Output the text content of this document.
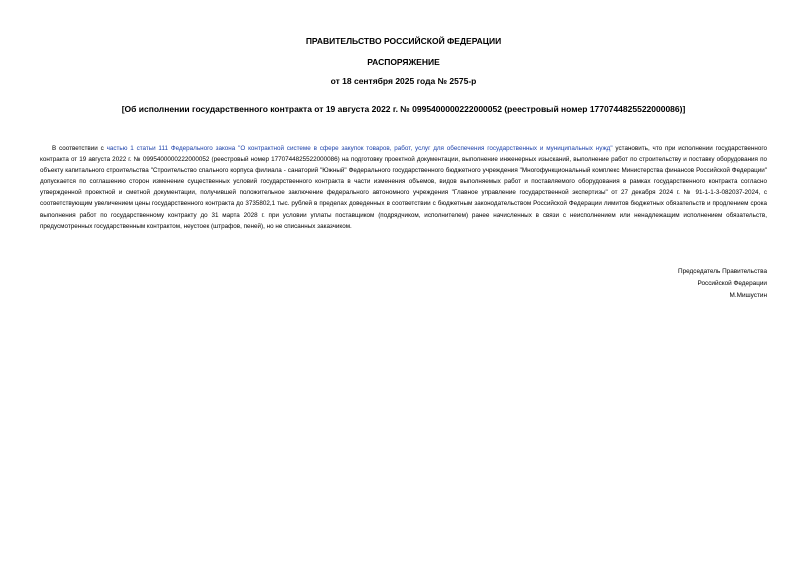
ПРАВИТЕЛЬСТВО РОССИЙСКОЙ ФЕДЕРАЦИИ
РАСПОРЯЖЕНИЕ
от 18 сентября 2025 года № 2575-р
[Об исполнении государственного контракта от 19 августа 2022 г. № 0995400000222000052 (реестровый номер 1770744825522000086)]
В соответствии с частью 1 статьи 111 Федерального закона "О контрактной системе в сфере закупок товаров, работ, услуг для обеспечения государственных и муниципальных нужд" установить, что при исполнении государственного контракта от 19 августа 2022 г. № 0995400000222000052 (реестровый номер 1770744825522000086) на подготовку проектной документации, выполнение инженерных изысканий, выполнение работ по строительству и поставку оборудования по объекту капитального строительства "Строительство спального корпуса филиала - санаторий "Южный" Федерального государственного бюджетного учреждения "Многофункциональный комплекс Министерства финансов Российской Федерации" допускается по соглашению сторон изменение существенных условий государственного контракта в части изменения объемов, видов выполняемых работ и поставляемого оборудования в рамках государственного контракта согласно утвержденной проектной и сметной документации, получившей положительное заключение федерального автономного учреждения "Главное управление государственной экспертизы" от 27 декабря 2024 г. № 91-1-1-3-082037-2024, с соответствующим увеличением цены государственного контракта до 3735802,1 тыс. рублей в пределах доведенных в соответствии с бюджетным законодательством Российской Федерации лимитов бюджетных обязательств и продлением срока выполнения работ по государственному контракту до 31 марта 2028 г. при условии уплаты поставщиком (подрядчиком, исполнителем) ранее начисленных в связи с неисполнением или ненадлежащим исполнением обязательств, предусмотренных государственным контрактом, неустоек (штрафов, пеней), но не списанных заказчиком.
Председатель Правительства
Российской Федерации
М.Мишустин
